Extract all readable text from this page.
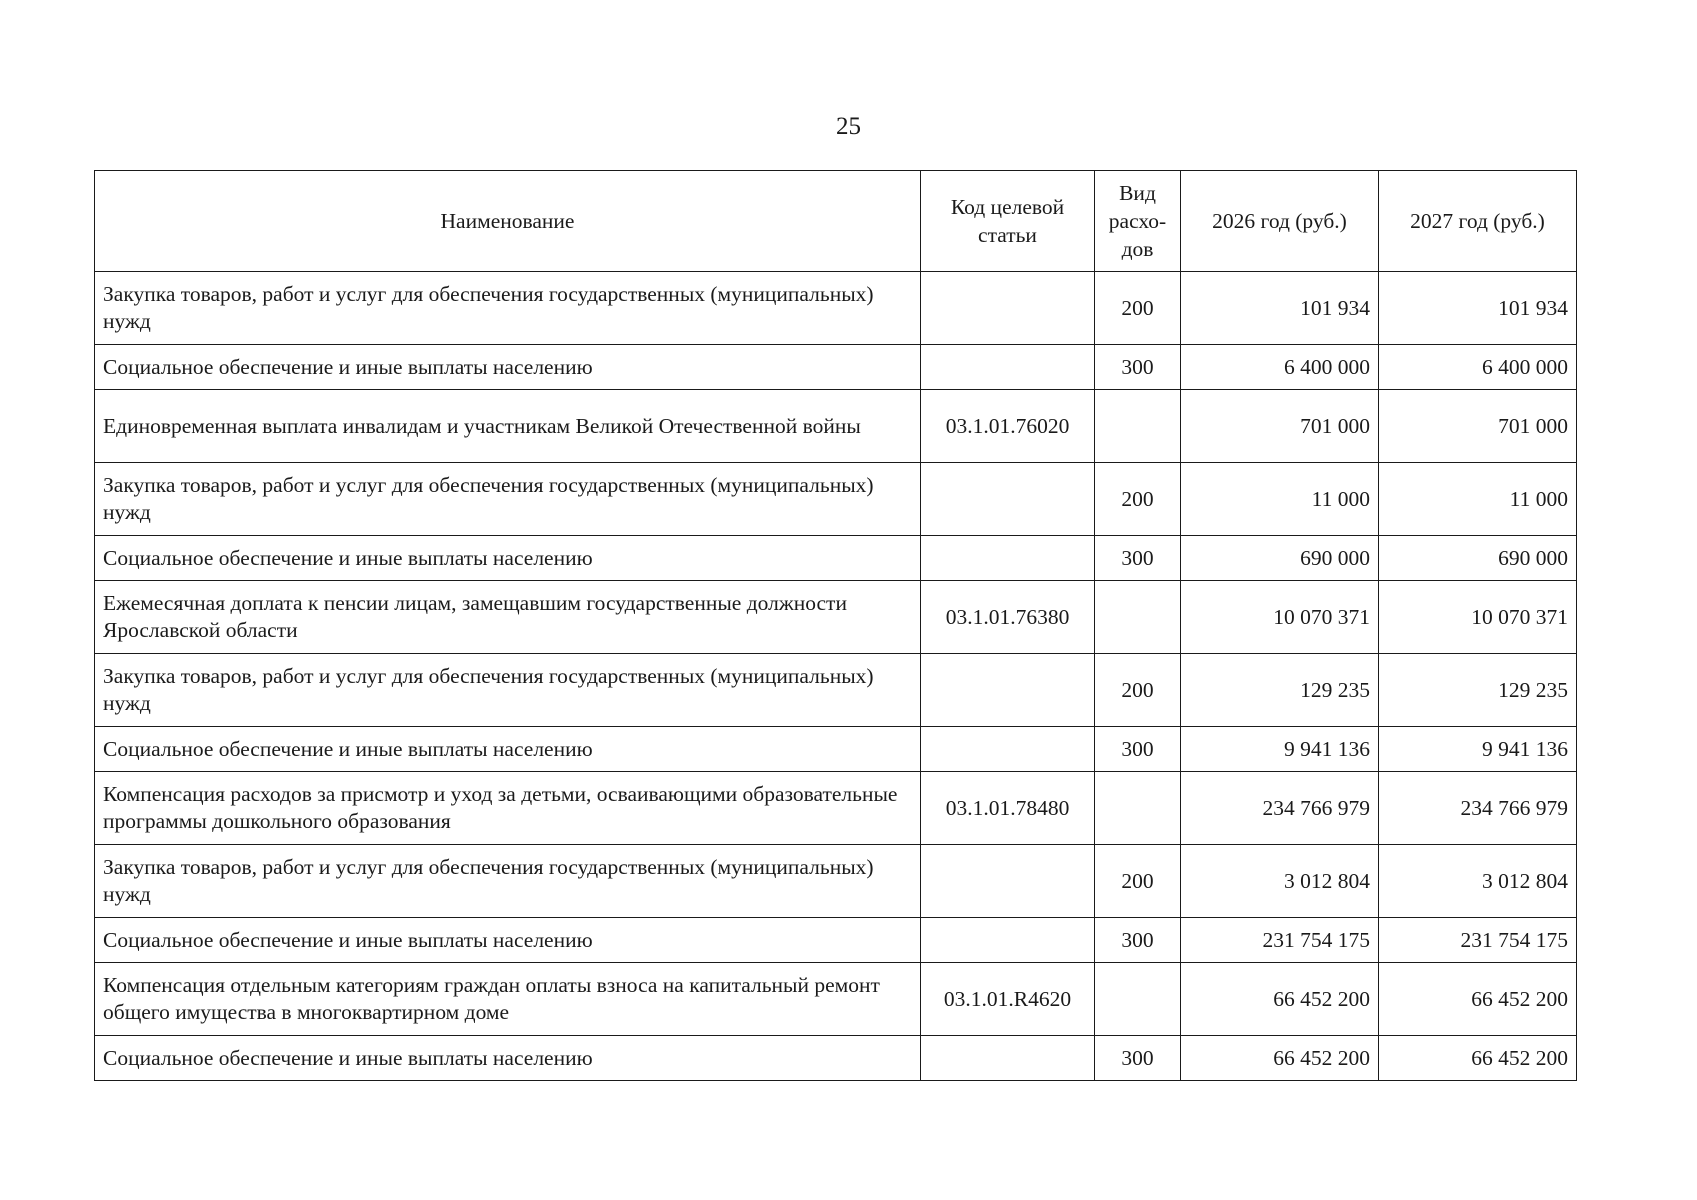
25
Наименование	Код целевой статьи	Вид расхо-дов	2026 год (руб.)	2027 год (руб.)
Закупка товаров, работ и услуг для обеспечения государственных (муниципальных) нужд		200	101 934	101 934
Социальное обеспечение и иные выплаты населению		300	6 400 000	6 400 000
Единовременная выплата инвалидам и участникам Великой Отечественной войны	03.1.01.76020		701 000	701 000
Закупка товаров, работ и услуг для обеспечения государственных (муниципальных) нужд		200	11 000	11 000
Социальное обеспечение и иные выплаты населению		300	690 000	690 000
Ежемесячная доплата к пенсии лицам, замещавшим государственные должности Ярославской области	03.1.01.76380		10 070 371	10 070 371
Закупка товаров, работ и услуг для обеспечения государственных (муниципальных) нужд		200	129 235	129 235
Социальное обеспечение и иные выплаты населению		300	9 941 136	9 941 136
Компенсация расходов за присмотр и уход за детьми, осваивающими образовательные программы дошкольного образования	03.1.01.78480		234 766 979	234 766 979
Закупка товаров, работ и услуг для обеспечения государственных (муниципальных) нужд		200	3 012 804	3 012 804
Социальное обеспечение и иные выплаты населению		300	231 754 175	231 754 175
Компенсация отдельным категориям граждан оплаты взноса на капитальный ремонт общего имущества в многоквартирном доме	03.1.01.R4620		66 452 200	66 452 200
Социальное обеспечение и иные выплаты населению		300	66 452 200	66 452 200
